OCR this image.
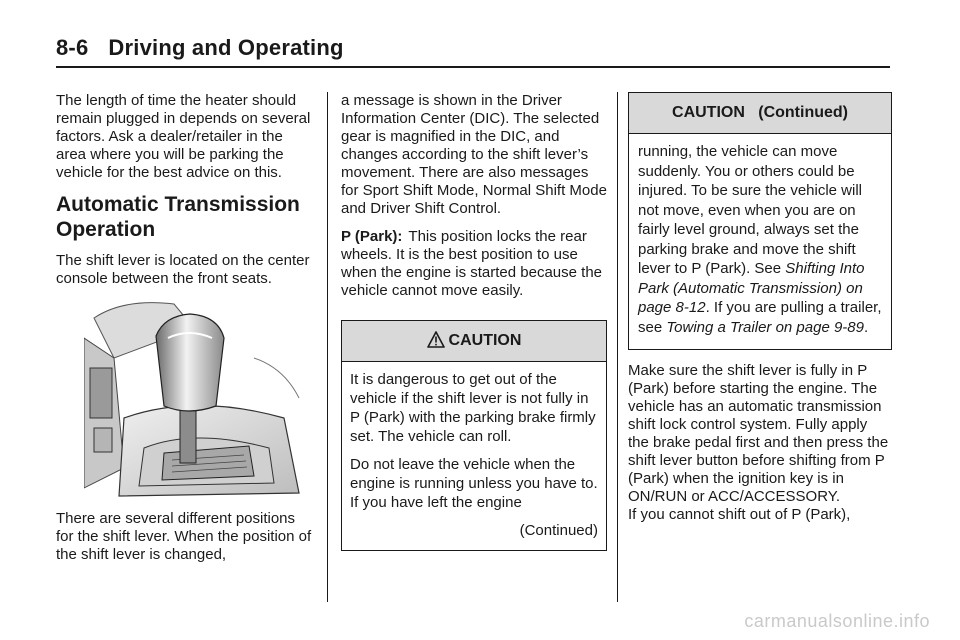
8-6 Driving and Operating

The length of time the heater should remain plugged in depends on several factors. Ask a dealer/retailer in the area where you will be parking the vehicle for the best advice on this.

Automatic Transmission Operation

The shift lever is located on the center console between the front seats.

There are several different positions for the shift lever. When the position of the shift lever is changed,

a message is shown in the Driver Information Center (DIC). The selected gear is magnified in the DIC, and changes according to the shift lever’s movement. There are also messages for Sport Shift Mode, Normal Shift Mode and Driver Shift Control.

P (Park): This position locks the rear wheels. It is the best position to use when the engine is started because the vehicle cannot move easily.

CAUTION

It is dangerous to get out of the vehicle if the shift lever is not fully in P (Park) with the parking brake firmly set. The vehicle can roll.

Do not leave the vehicle when the engine is running unless you have to. If you have left the engine

(Continued)

CAUTION   (Continued)

running, the vehicle can move suddenly. You or others could be injured. To be sure the vehicle will not move, even when you are on fairly level ground, always set the parking brake and move the shift lever to P (Park). See Shifting Into Park (Automatic Transmission) on page 8-12. If you are pulling a trailer, see Towing a Trailer on page 9-89.

Make sure the shift lever is fully in P (Park) before starting the engine. The vehicle has an automatic transmission shift lock control system. Fully apply the brake pedal first and then press the shift lever button before shifting from P (Park) when the ignition key is in ON/RUN or ACC/ACCESSORY.

If you cannot shift out of P (Park),

carmanualsonline.info
